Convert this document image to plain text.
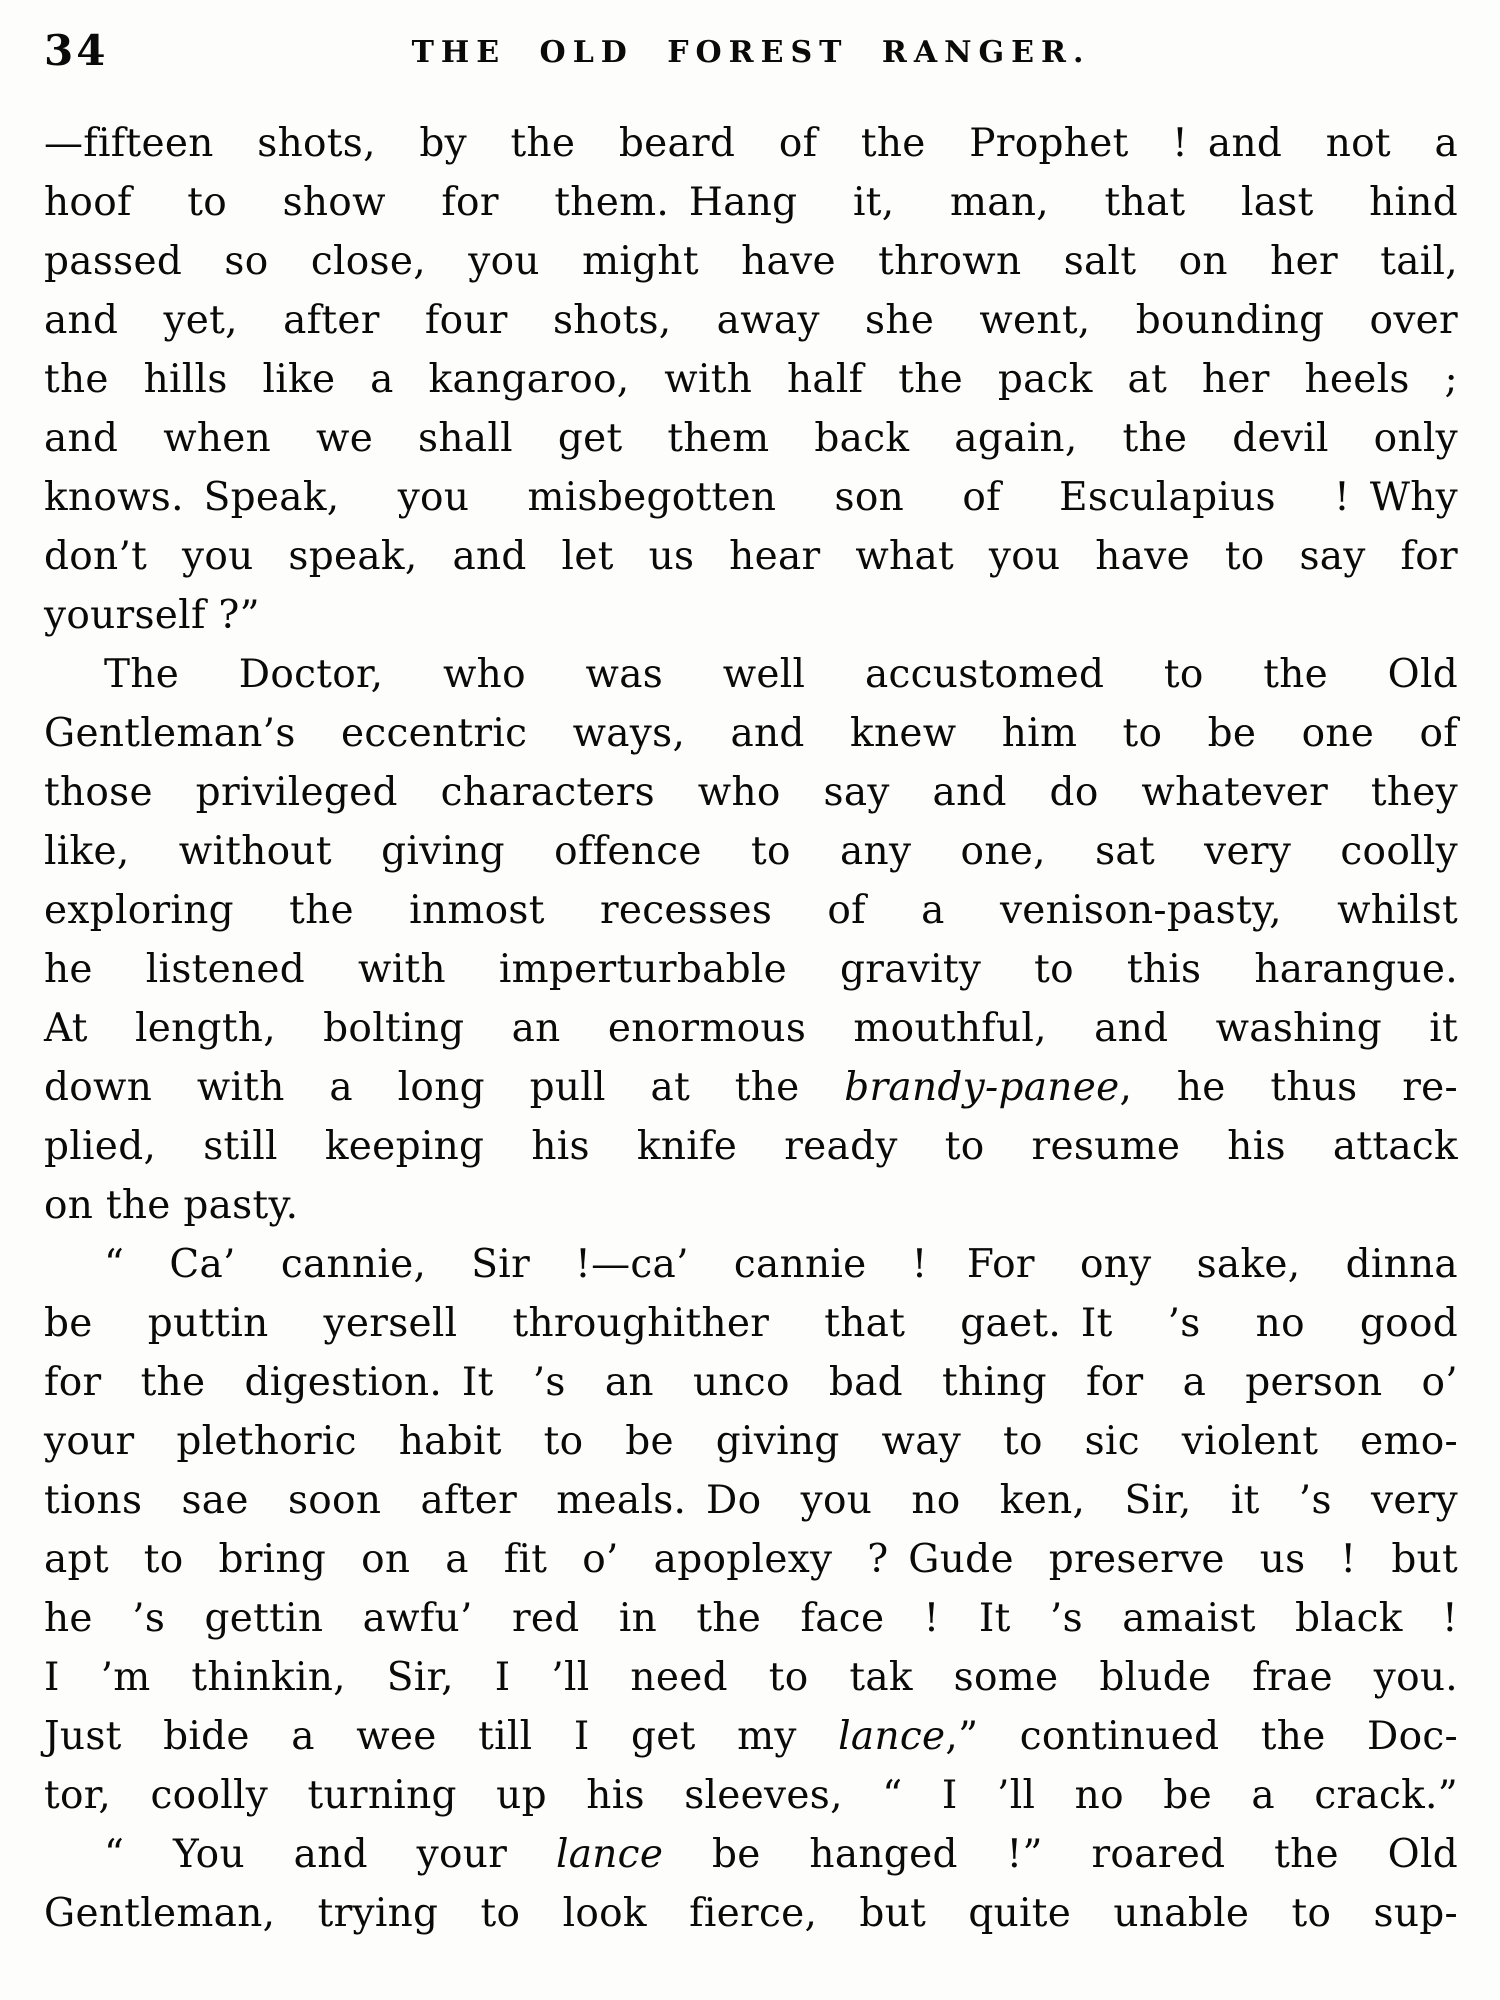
34	THE OLD FOREST RANGER.
—fifteen shots, by the beard of the Prophet ! and not a
hoof to show for them. Hang it, man, that last hind
passed so close, you might have thrown salt on her tail,
and yet, after four shots, away she went, bounding over
the hills like a kangaroo, with half the pack at her heels ;
and when we shall get them back again, the devil only
knows. Speak, you misbegotten son of Esculapius ! Why
don’t you speak, and let us hear what you have to say for
yourself ?”
The Doctor, who was well accustomed to the Old
Gentleman’s eccentric ways, and knew him to be one of
those privileged characters who say and do whatever they
like, without giving offence to any one, sat very coolly
exploring the inmost recesses of a venison-pasty, whilst
he listened with imperturbable gravity to this harangue.
At length, bolting an enormous mouthful, and washing it
down with a long pull at the brandy-panee, he thus re-
plied, still keeping his knife ready to resume his attack
on the pasty.
“ Ca’ cannie, Sir !—ca’ cannie ! For ony sake, dinna
be puttin yersell throughither that gaet. It ’s no good
for the digestion. It ’s an unco bad thing for a person o’
your plethoric habit to be giving way to sic violent emo-
tions sae soon after meals. Do you no ken, Sir, it ’s very
apt to bring on a fit o’ apoplexy ? Gude preserve us ! but
he ’s gettin awfu’ red in the face ! It ’s amaist black !
I ’m thinkin, Sir, I ’ll need to tak some blude frae you.
Just bide a wee till I get my lance,” continued the Doc-
tor, coolly turning up his sleeves, “ I ’ll no be a crack.”
“ You and your lance be hanged !” roared the Old
Gentleman, trying to look fierce, but quite unable to sup-
